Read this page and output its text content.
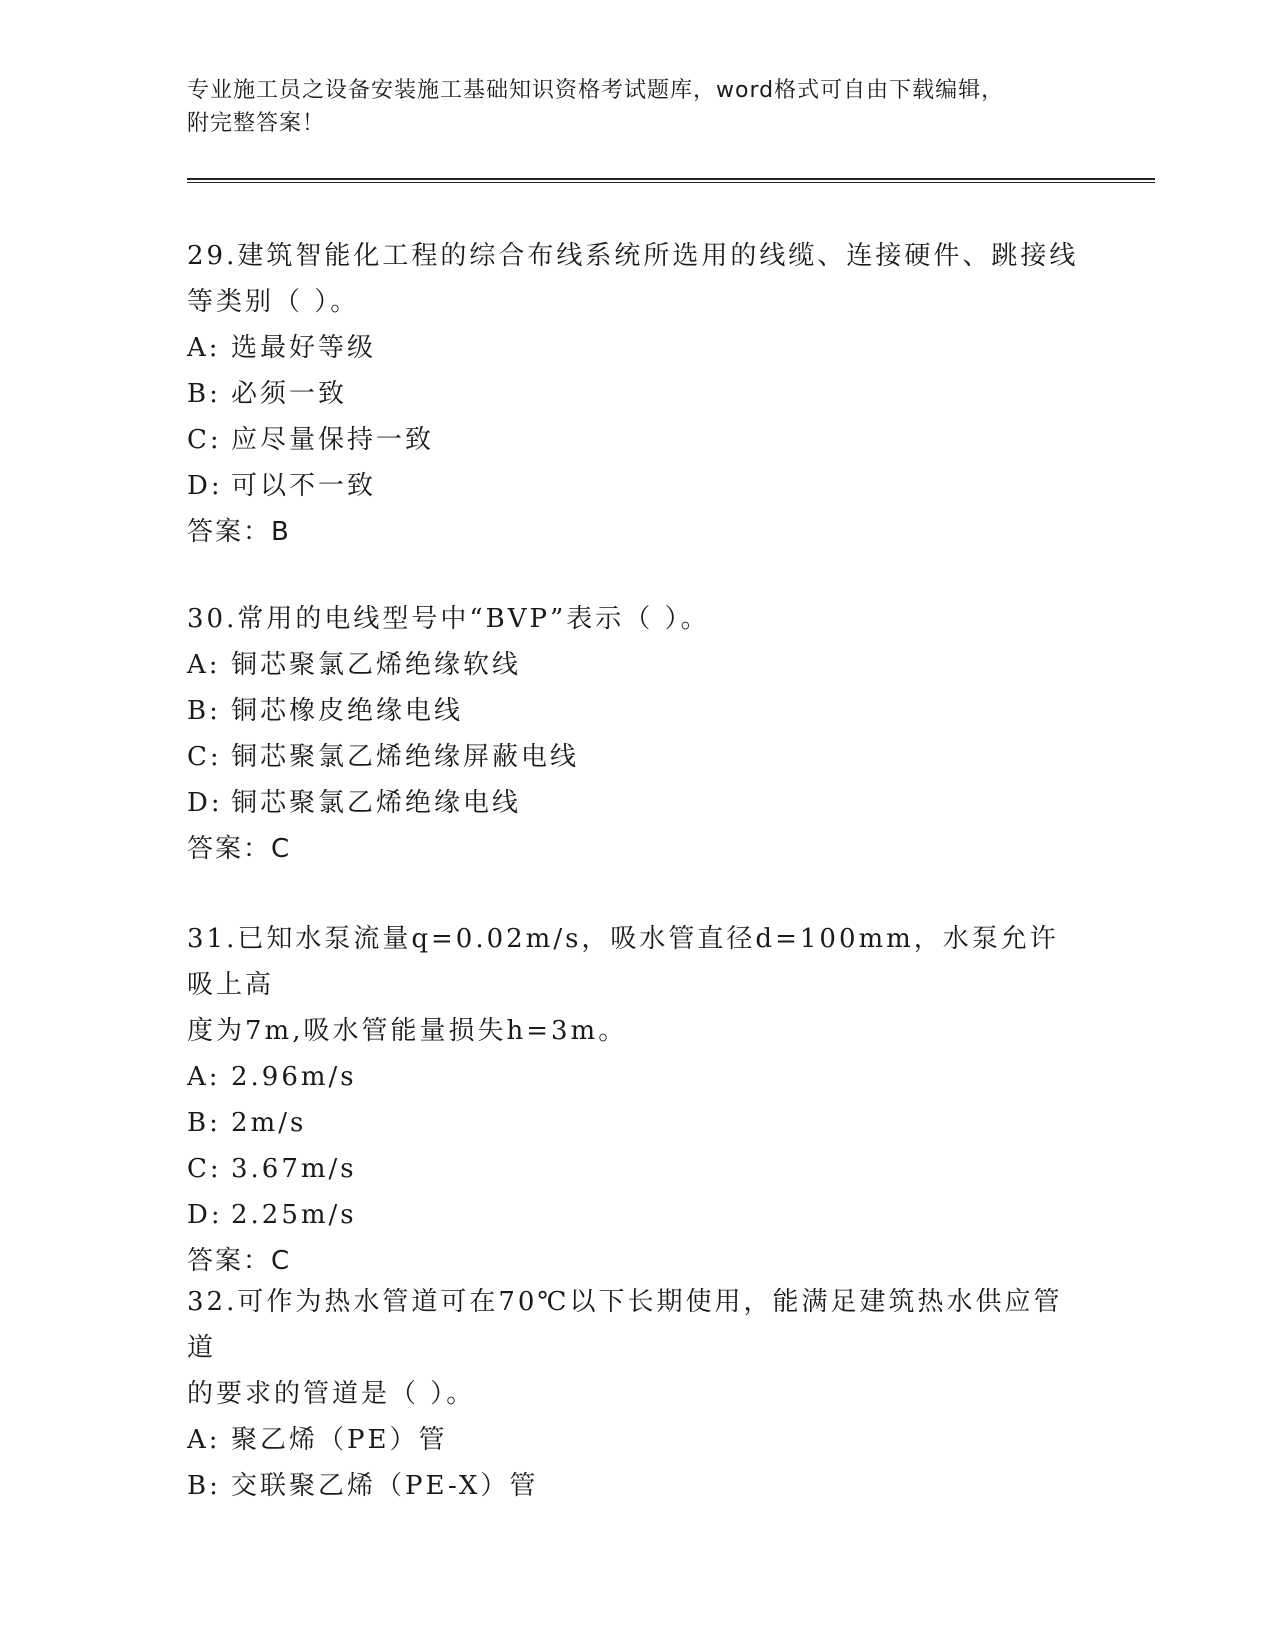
专业施工员之设备安装施工基础知识资格考试题库，word格式可自由下载编辑，
附完整答案！
29.建筑智能化工程的综合布线系统所选用的线缆、连接硬件、跳接线
等类别（ ）。
A: 选最好等级
B: 必须一致
C: 应尽量保持一致
D: 可以不一致
答案：B
30.常用的电线型号中“BVP”表示（ ）。
A: 铜芯聚氯乙烯绝缘软线
B: 铜芯橡皮绝缘电线
C: 铜芯聚氯乙烯绝缘屏蔽电线
D: 铜芯聚氯乙烯绝缘电线
答案：C
31.已知水泵流量q=0.02m/s，吸水管直径d=100mm，水泵允许吸上高
度为7m,吸水管能量损失h=3m。
A: 2.96m/s
B: 2m/s
C: 3.67m/s
D: 2.25m/s
答案：C
32.可作为热水管道可在70℃以下长期使用，能满足建筑热水供应管道
的要求的管道是（ ）。
A: 聚乙烯（PE）管
B: 交联聚乙烯（PE-X）管
